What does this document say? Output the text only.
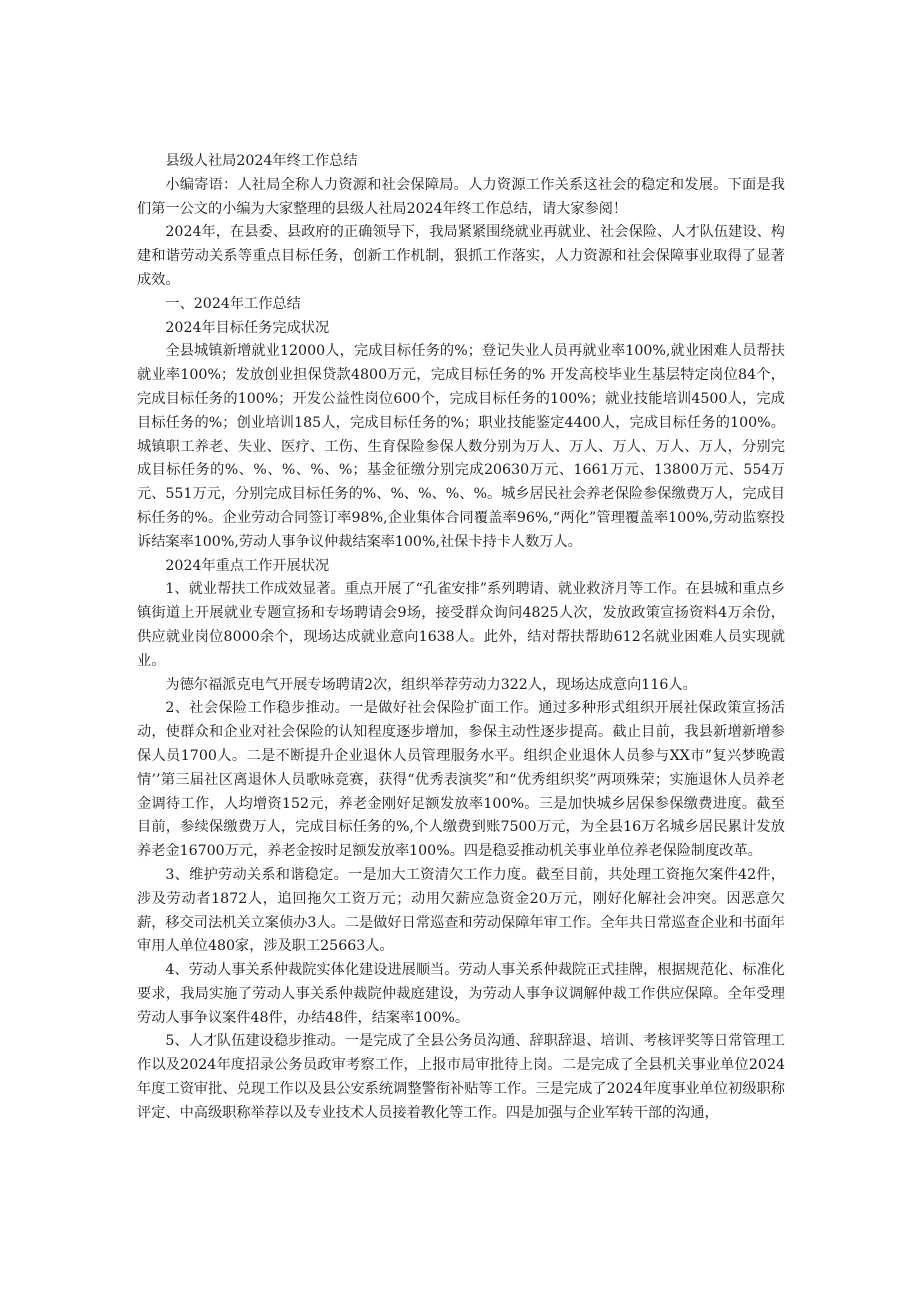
县级人社局2024年终工作总结

小编寄语：人社局全称人力资源和社会保障局。人力资源工作关系这社会的稳定和发展。下面是我们第一公文的小编为大家整理的县级人社局2024年终工作总结，请大家参阅！

2024年，在县委、县政府的正确领导下，我局紧紧围绕就业再就业、社会保险、人才队伍建设、构建和谐劳动关系等重点目标任务，创新工作机制，狠抓工作落实，人力资源和社会保障事业取得了显著成效。

一、2024年工作总结

2024年目标任务完成状况

全县城镇新增就业12000人，完成目标任务的%；登记失业人员再就业率100%,就业困难人员帮扶就业率100%；发放创业担保贷款4800万元，完成目标任务的% 开发高校毕业生基层特定岗位84个，完成目标任务的100%；开发公益性岗位600个，完成目标任务的100%；就业技能培训4500人，完成目标任务的%；创业培训185人，完成目标任务的%；职业技能鉴定4400人，完成目标任务的100%。城镇职工养老、失业、医疗、工伤、生育保险参保人数分别为万人、万人、万人、万人、万人，分别完成目标任务的%、%、%、%、%；基金征缴分别完成20630万元、1661万元、13800万元、554万元、551万元，分别完成目标任务的%、%、%、%、%。城乡居民社会养老保险参保缴费万人，完成目标任务的%。企业劳动合同签订率98%,企业集体合同覆盖率96%,“两化”管理覆盖率100%,劳动监察投诉结案率100%,劳动人事争议仲裁结案率100%,社保卡持卡人数万人。

2024年重点工作开展状况

1、就业帮扶工作成效显著。重点开展了“孔雀安排”系列聘请、就业救济月等工作。在县城和重点乡镇街道上开展就业专题宣扬和专场聘请会9场，接受群众询问4825人次，发放政策宣扬资料4万余份，供应就业岗位8000余个，现场达成就业意向1638人。此外，结对帮扶帮助612名就业困难人员实现就业。

为德尔福派克电气开展专场聘请2次，组织举荐劳动力322人，现场达成意向116人。

2、社会保险工作稳步推动。一是做好社会保险扩面工作。通过多种形式组织开展社保政策宣扬活动，使群众和企业对社会保险的认知程度逐步增加，参保主动性逐步提高。截止目前，我县新增新增参保人员1700人。二是不断提升企业退休人员管理服务水平。组织企业退休人员参与XX市”复兴梦晚霞情’’第三届社区离退休人员歌咏竞赛，获得“优秀表演奖”和“优秀组织奖”两项殊荣；实施退休人员养老金调待工作，人均增资152元，养老金刚好足额发放率100%。三是加快城乡居保参保缴费进度。截至目前，参续保缴费万人，完成目标任务的%,个人缴费到账7500万元，为全县16万名城乡居民累计发放养老金16700万元，养老金按时足额发放率100%。四是稳妥推动机关事业单位养老保险制度改革。

3、维护劳动关系和谐稳定。一是加大工资清欠工作力度。截至目前，共处理工资拖欠案件42件，涉及劳动者1872人，追回拖欠工资万元；动用欠薪应急资金20万元，刚好化解社会冲突。因恶意欠薪，移交司法机关立案侦办3人。二是做好日常巡查和劳动保障年审工作。全年共日常巡查企业和书面年审用人单位480家，涉及职工25663人。

4、劳动人事关系仲裁院实体化建设进展顺当。劳动人事关系仲裁院正式挂牌，根据规范化、标准化要求，我局实施了劳动人事关系仲裁院仲裁庭建设，为劳动人事争议调解仲裁工作供应保障。全年受理劳动人事争议案件48件，办结48件，结案率100%。

5、人才队伍建设稳步推动。一是完成了全县公务员沟通、辞职辞退、培训、考核评奖等日常管理工作以及2024年度招录公务员政审考察工作，上报市局审批待上岗。二是完成了全县机关事业单位2024年度工资审批、兑现工作以及县公安系统调整警衔补贴等工作。三是完成了2024年度事业单位初级职称评定、中高级职称举荐以及专业技术人员接着教化等工作。四是加强与企业军转干部的沟通，
